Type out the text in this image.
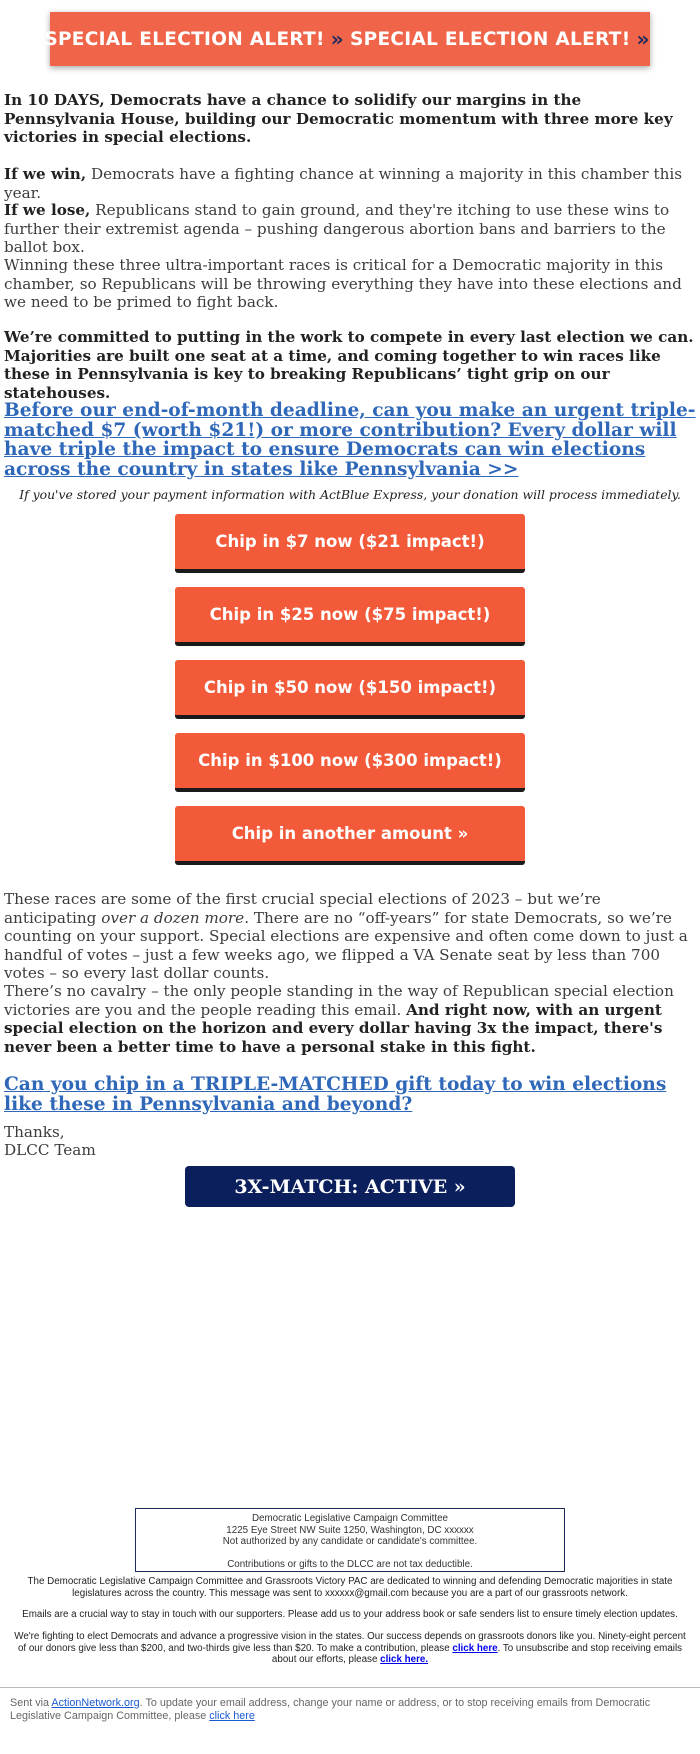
SPECIAL ELECTION ALERT! » SPECIAL ELECTION ALERT! »

In 10 DAYS, Democrats have a chance to solidify our margins in the Pennsylvania House, building our Democratic momentum with three more key victories in special elections.

If we win, Democrats have a fighting chance at winning a majority in this chamber this year.

If we lose, Republicans stand to gain ground, and they're itching to use these wins to further their extremist agenda – pushing dangerous abortion bans and barriers to the ballot box.

Winning these three ultra-important races is critical for a Democratic majority in this chamber, so Republicans will be throwing everything they have into these elections and we need to be primed to fight back.

We’re committed to putting in the work to compete in every last election we can. Majorities are built one seat at a time, and coming together to win races like these in Pennsylvania is key to breaking Republicans’ tight grip on our statehouses.

Before our end-of-month deadline, can you make an urgent triple-matched $7 (worth $21!) or more contribution? Every dollar will have triple the impact to ensure Democrats can win elections across the country in states like Pennsylvania >>

If you've stored your payment information with ActBlue Express, your donation will process immediately.
Chip in $7 now ($21 impact!)
Chip in $25 now ($75 impact!)
Chip in $50 now ($150 impact!)
Chip in $100 now ($300 impact!)
Chip in another amount »

These races are some of the first crucial special elections of 2023 – but we’re anticipating over a dozen more. There are no “off-years” for state Democrats, so we’re counting on your support. Special elections are expensive and often come down to just a handful of votes – just a few weeks ago, we flipped a VA Senate seat by less than 700 votes – so every last dollar counts.

There’s no cavalry – the only people standing in the way of Republican special election victories are you and the people reading this email. And right now, with an urgent special election on the horizon and every dollar having 3x the impact, there's never been a better time to have a personal stake in this fight.

Can you chip in a TRIPLE-MATCHED gift today to win elections like these in Pennsylvania and beyond?

Thanks,

DLCC Team

3X-MATCH: ACTIVE »

Democratic Legislative Campaign Committee

1225 Eye Street NW Suite 1250, Washington, DC xxxxxx

Not authorized by any candidate or candidate's committee.

Contributions or gifts to the DLCC are not tax deductible.

The Democratic Legislative Campaign Committee and Grassroots Victory PAC are dedicated to winning and defending Democratic majorities in state legislatures across the country. This message was sent to xxxxxx@gmail.com because you are a part of our grassroots network.

Emails are a crucial way to stay in touch with our supporters. Please add us to your address book or safe senders list to ensure timely election updates.

We're fighting to elect Democrats and advance a progressive vision in the states. Our success depends on grassroots donors like you. Ninety-eight percent of our donors give less than $200, and two-thirds give less than $20. To make a contribution, please click here. To unsubscribe and stop receiving emails about our efforts, please click here.

Sent via ActionNetwork.org. To update your email address, change your name or address, or to stop receiving emails from Democratic Legislative Campaign Committee, please click here
